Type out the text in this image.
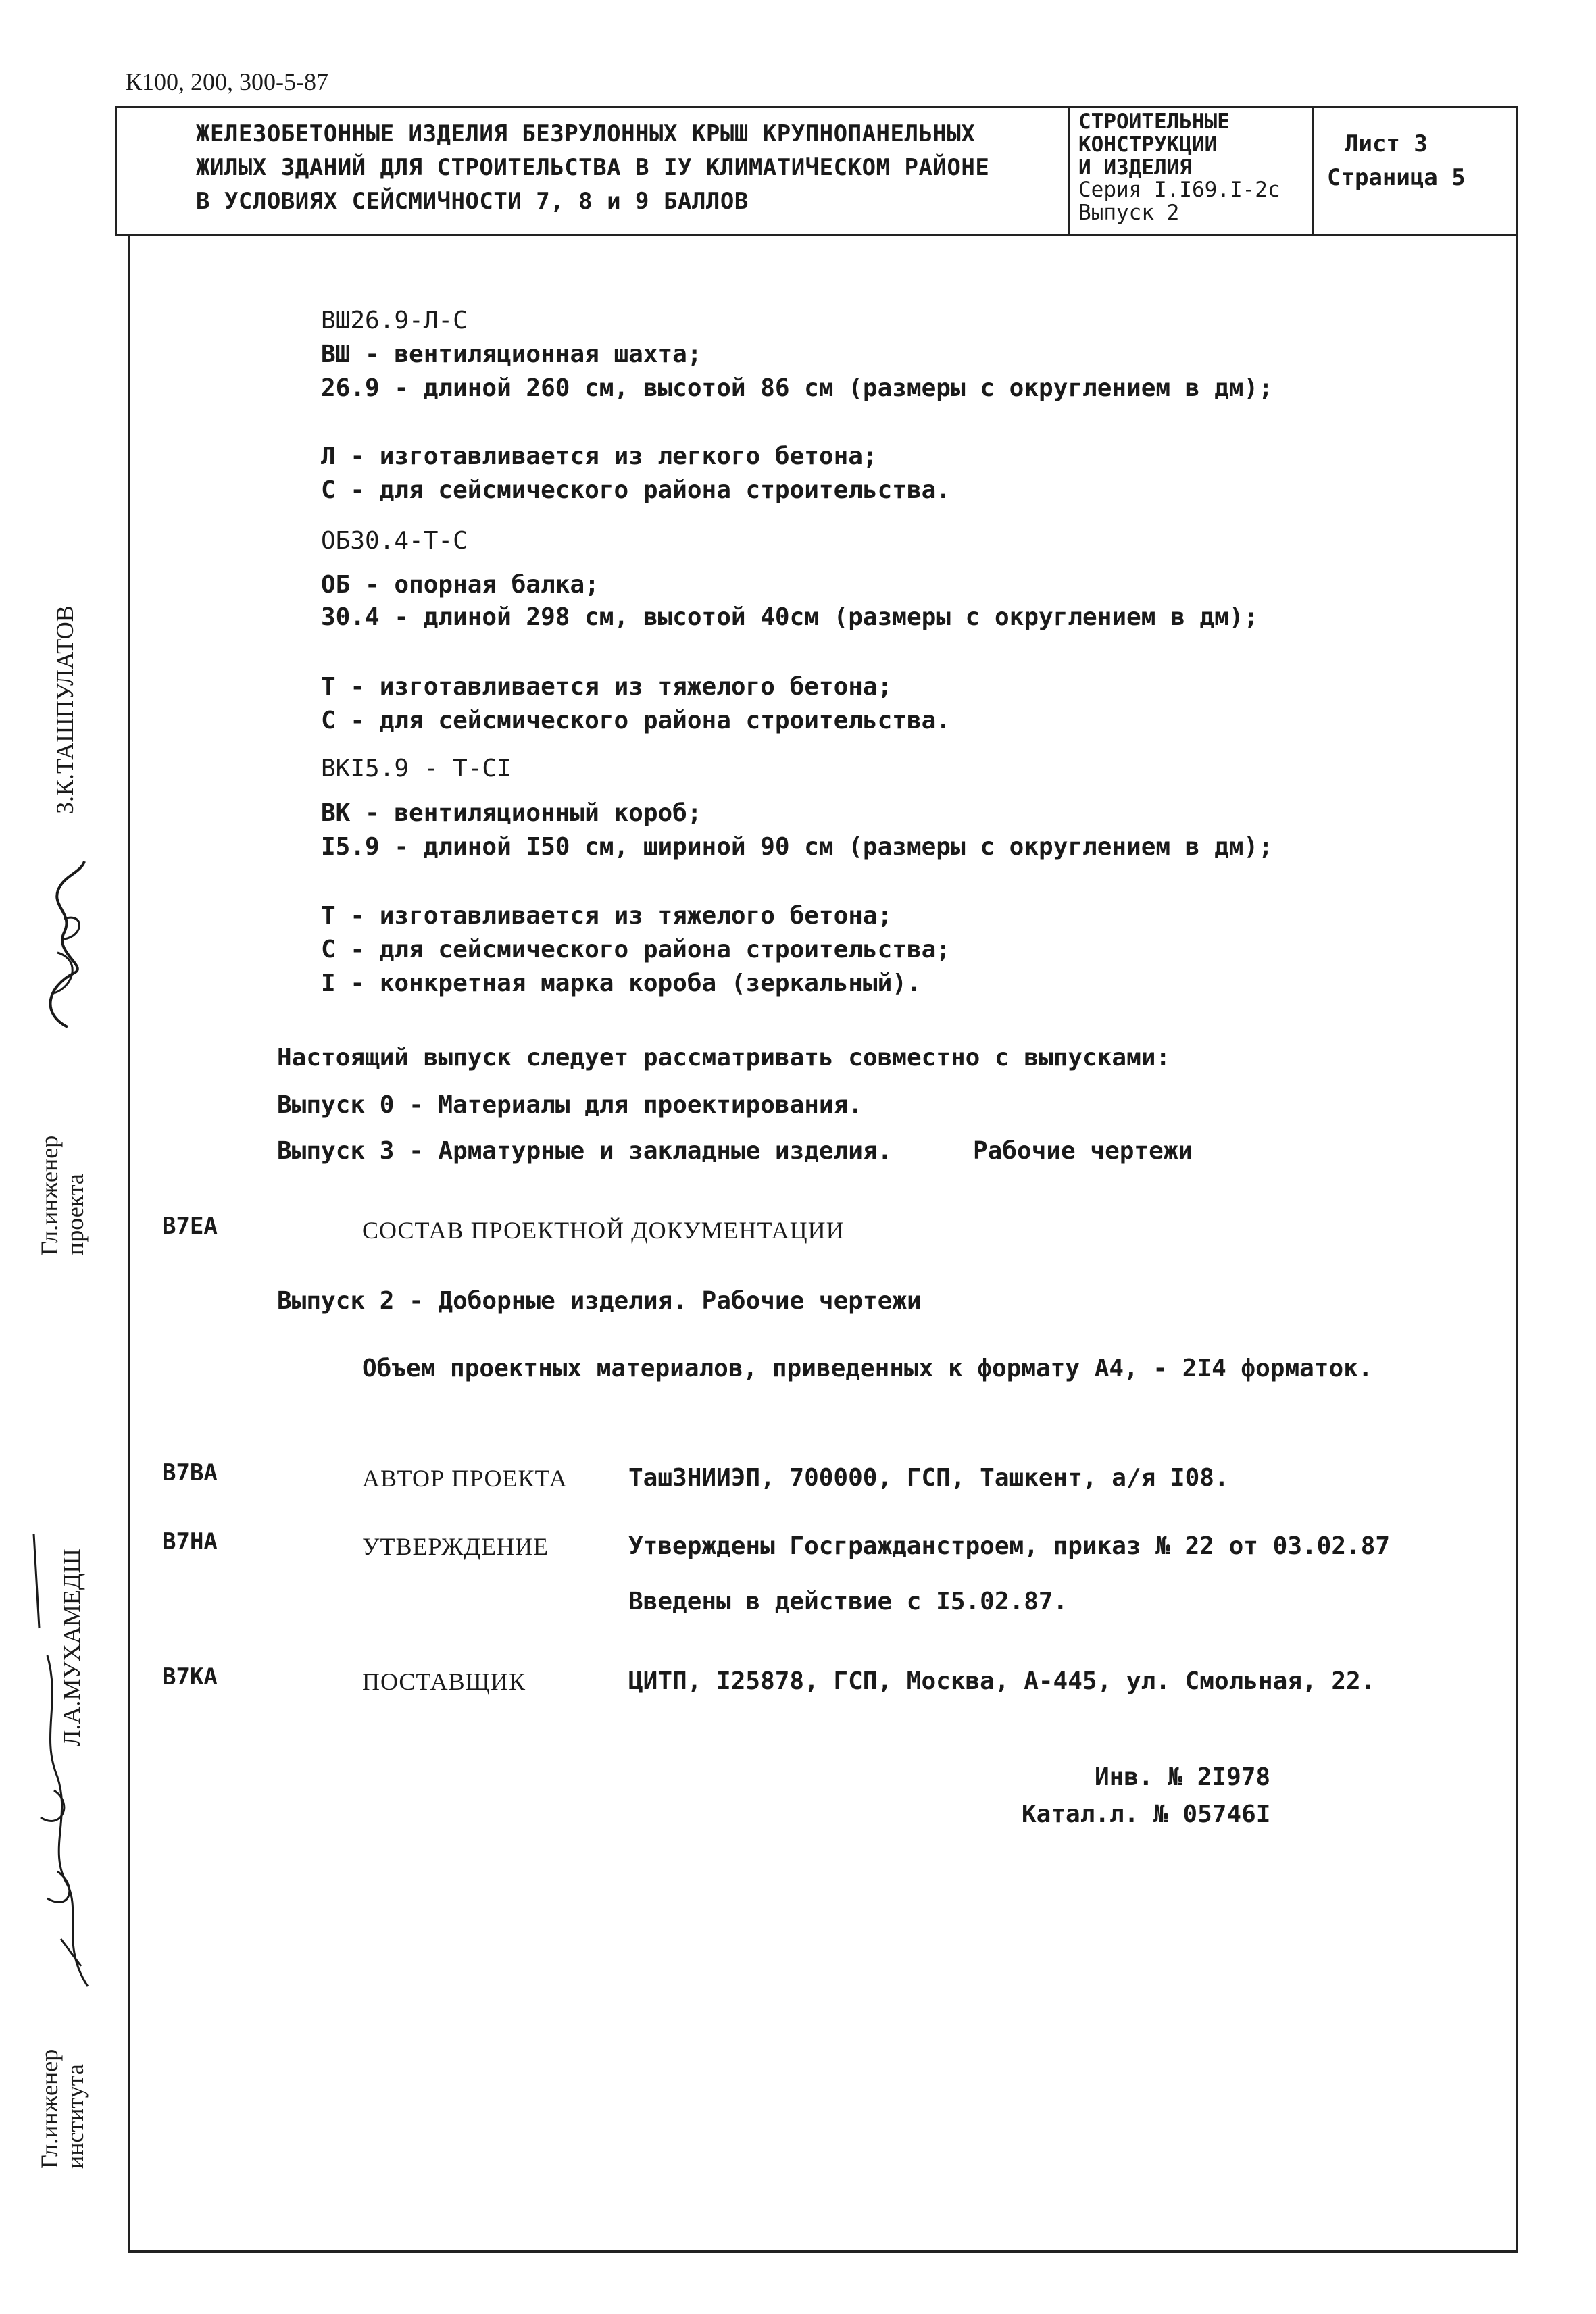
К100, 200, 300-5-87
ЖЕЛЕЗОБЕТОННЫЕ ИЗДЕЛИЯ БЕЗРУЛОННЫХ КРЫШ КРУПНОПАНЕЛЬНЫХ
ЖИЛЫХ ЗДАНИЙ ДЛЯ СТРОИТЕЛЬСТВА В IУ КЛИМАТИЧЕСКОМ РАЙОНЕ
В УСЛОВИЯХ СЕЙСМИЧНОСТИ 7, 8 и 9 БАЛЛОВ
СТРОИТЕЛЬНЫЕ
КОНСТРУКЦИИ
И ИЗДЕЛИЯ
Серия I.I69.I-2с
Выпуск 2
Лист 3
Страница 5
ВШ26.9-Л-С
ВШ - вентиляционная шахта;
26.9 - длиной 260 см, высотой 86 см (размеры с округлением в дм);
Л - изготавливается из легкого бетона;
С - для сейсмического района строительства.
ОБ30.4-Т-С
ОБ - опорная балка;
30.4 - длиной 298 см, высотой 40см (размеры с округлением в дм);
Т - изготавливается из тяжелого бетона;
С - для сейсмического района строительства.
ВКI5.9 - Т-СI
ВК - вентиляционный короб;
I5.9 - длиной I50 см, шириной 90 см (размеры с округлением в дм);
Т - изготавливается из тяжелого бетона;
С - для сейсмического района строительства;
I - конкретная марка короба (зеркальный).
Настоящий выпуск следует рассматривать совместно с выпусками:
Выпуск 0 - Материалы для проектирования.
Выпуск 3 - Арматурные и закладные изделия.	Рабочие чертежи
В7ЕА	СОСТАВ ПРОЕКТНОЙ ДОКУМЕНТАЦИИ
Выпуск 2 - Доборные изделия. Рабочие чертежи
Объем проектных материалов, приведенных к формату А4, - 2I4 форматок.
В7ВА	АВТОР ПРОЕКТА	ТашЗНИИЭП, 700000, ГСП, Ташкент, а/я I08.
В7НА	УТВЕРЖДЕНИЕ	Утверждены Госгражданстроем, приказ № 22 от 03.02.87
Введены в действие с I5.02.87.
В7КА	ПОСТАВЩИК	ЦИТП, I25878, ГСП, Москва, А-445, ул. Смольная, 22.
Инв. № 2I978
Катал.л. № 05746I
З.К.ТАШПУЛАТОВ
Гл.инженер
проекта
Л.А.МУХАМЕДШ
Гл.инженер
института
